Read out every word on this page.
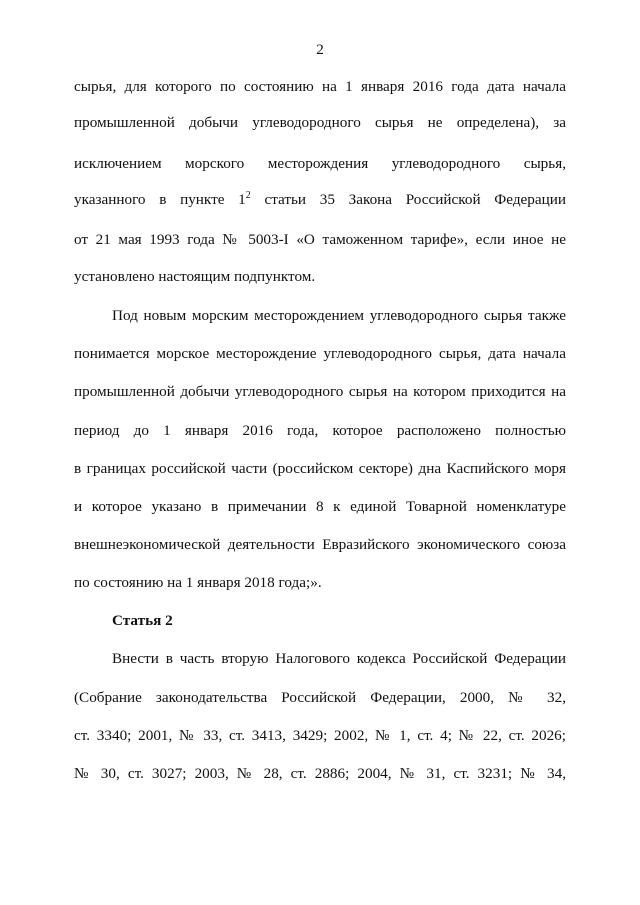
2
сырья, для которого по состоянию на 1 января 2016 года дата начала
промышленной добычи углеводородного сырья не определена), за
исключением морского месторождения углеводородного сырья,
указанного в пункте $1^2$ статьи 35 Закона Российской Федерации
от 21 мая 1993 года № 5003-I «О таможенном тарифе», если иное не
установлено настоящим подпунктом.
Под новым морским месторождением углеводородного сырья также
понимается морское месторождение углеводородного сырья, дата начала
промышленной добычи углеводородного сырья на котором приходится на
период до 1 января 2016 года, которое расположено полностью
в границах российской части (российском секторе) дна Каспийского моря
и которое указано в примечании 8 к единой Товарной номенклатуре
внешнеэкономической деятельности Евразийского экономического союза
по состоянию на 1 января 2018 года;».
Статья 2
Внести в часть вторую Налогового кодекса Российской Федерации
(Собрание законодательства Российской Федерации, 2000, № 32,
ст. 3340; 2001, № 33, ст. 3413, 3429; 2002, № 1, ст. 4; № 22, ст. 2026;
№ 30, ст. 3027; 2003, № 28, ст. 2886; 2004, № 31, ст. 3231; № 34,
